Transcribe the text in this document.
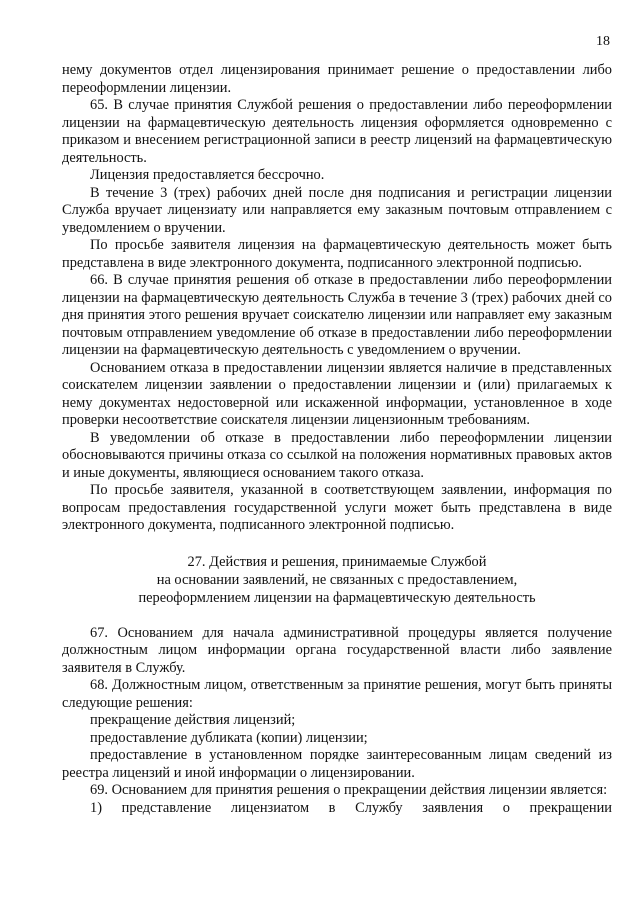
18

нему документов отдел лицензирования принимает решение о предоставлении либо переоформлении лицензии.

65. В случае принятия Службой решения о предоставлении либо переоформлении лицензии на фармацевтическую деятельность лицензия оформляется одновременно с приказом и внесением регистрационной записи в реестр лицензий на фармацевтическую деятельность.

Лицензия предоставляется бессрочно.

В течение 3 (трех) рабочих дней после дня подписания и регистрации лицензии Служба вручает лицензиату или направляется ему заказным почтовым отправлением с уведомлением о вручении.

По просьбе заявителя лицензия на фармацевтическую деятельность может быть представлена в виде электронного документа, подписанного электронной подписью.

66. В случае принятия решения об отказе в предоставлении либо переоформлении лицензии на фармацевтическую деятельность Служба в течение 3 (трех) рабочих дней со дня принятия этого решения вручает соискателю лицензии или направляет ему заказным почтовым отправлением уведомление об отказе в предоставлении либо переоформлении лицензии на фармацевтическую деятельность с уведомлением о вручении.

Основанием отказа в предоставлении лицензии является наличие в представленных соискателем лицензии заявлении о предоставлении лицензии и (или) прилагаемых к нему документах недостоверной или искаженной информации, установленное в ходе проверки несоответствие соискателя лицензии лицензионным требованиям.

В уведомлении об отказе в предоставлении либо переоформлении лицензии обосновываются причины отказа со ссылкой на положения нормативных правовых актов и иные документы, являющиеся основанием такого отказа.

По просьбе заявителя, указанной в соответствующем заявлении, информация по вопросам предоставления государственной услуги может быть представлена в виде электронного документа, подписанного электронной подписью.

27. Действия и решения, принимаемые Службой
на основании заявлений, не связанных с предоставлением,
переоформлением лицензии на фармацевтическую деятельность

67. Основанием для начала административной процедуры является получение должностным лицом информации органа государственной власти либо заявление заявителя в Службу.

68. Должностным лицом, ответственным за принятие решения, могут быть приняты следующие решения:

прекращение действия лицензий;

предоставление дубликата (копии) лицензии;

предоставление в установленном порядке заинтересованным лицам сведений из реестра лицензий и иной информации о лицензировании.

69. Основанием для принятия решения о прекращении действия лицензии является:

1) представление лицензиатом в Службу заявления о прекращении
